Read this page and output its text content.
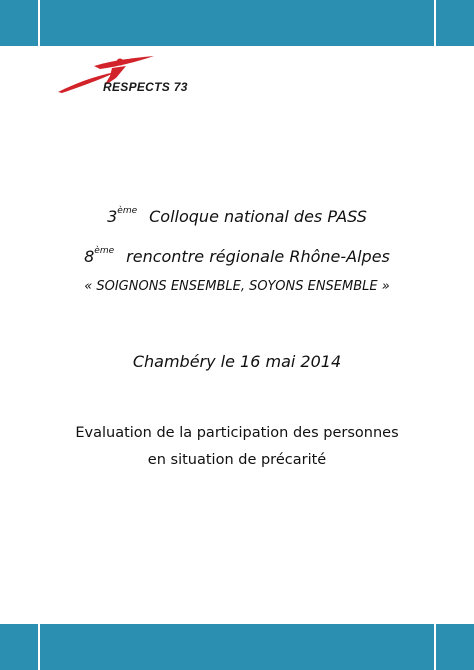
RESPECTS 73
3ème Colloque national des PASS
8ème rencontre régionale Rhône-Alpes
« SOIGNONS ENSEMBLE, SOYONS ENSEMBLE »
Chambéry le 16 mai 2014
Evaluation de la participation des personnes
en situation de précarité
